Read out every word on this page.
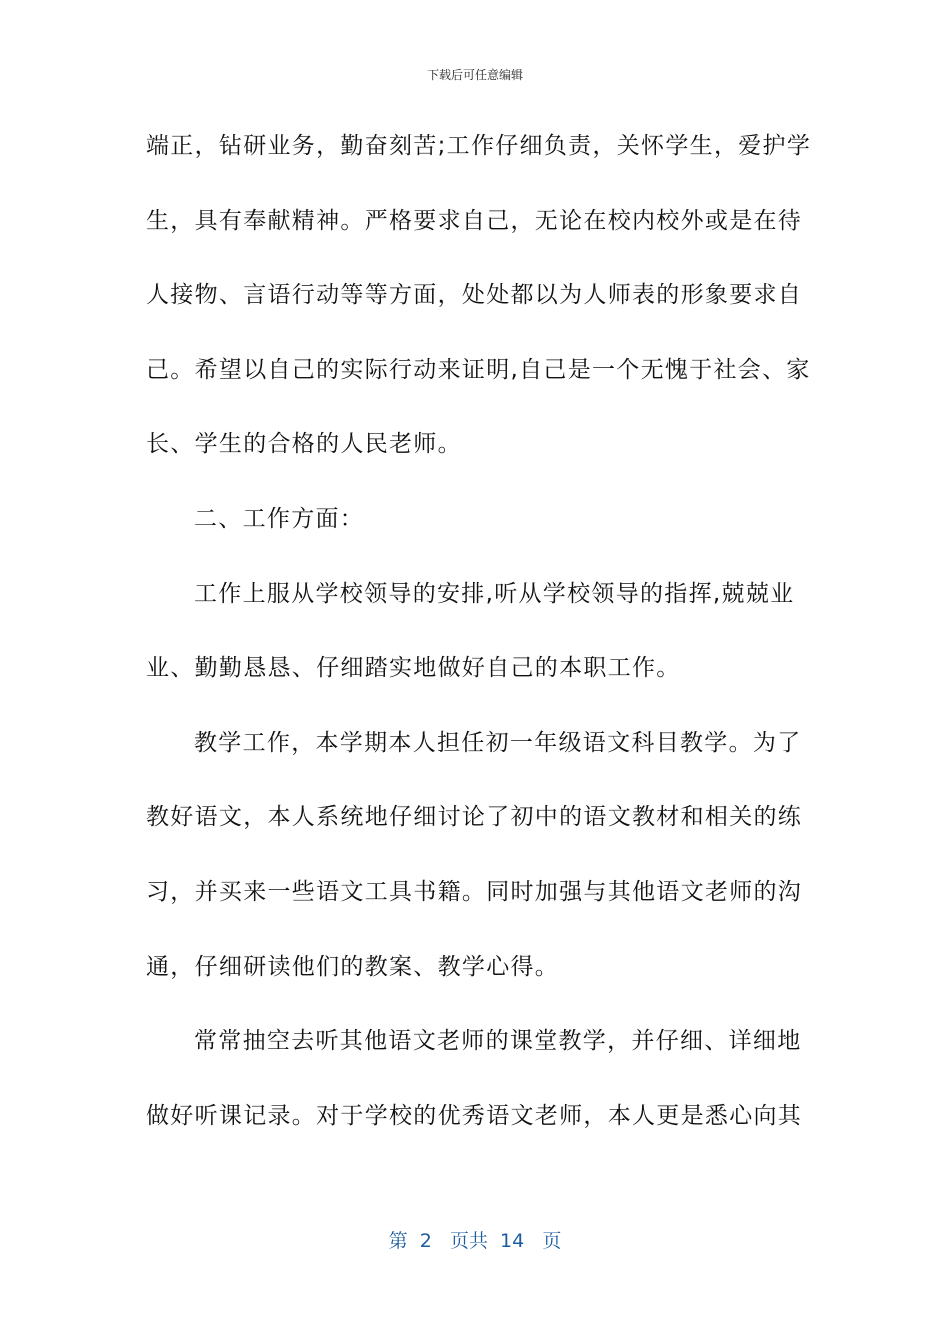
下载后可任意编辑
端正，钻研业务，勤奋刻苦;工作仔细负责，关怀学生，爱护学
生，具有奉献精神。严格要求自己，无论在校内校外或是在待
人接物、言语行动等等方面，处处都以为人师表的形象要求自
己。希望以自己的实际行动来证明,自己是一个无愧于社会、家
长、学生的合格的人民老师。
二、工作方面：
工作上服从学校领导的安排,听从学校领导的指挥,兢兢业
业、勤勤恳恳、仔细踏实地做好自己的本职工作。
教学工作，本学期本人担任初一年级语文科目教学。为了
教好语文，本人系统地仔细讨论了初中的语文教材和相关的练
习，并买来一些语文工具书籍。同时加强与其他语文老师的沟
通，仔细研读他们的教案、教学心得。
常常抽空去听其他语文老师的课堂教学，并仔细、详细地
做好听课记录。对于学校的优秀语文老师，本人更是悉心向其
第  2   页共  14   页
